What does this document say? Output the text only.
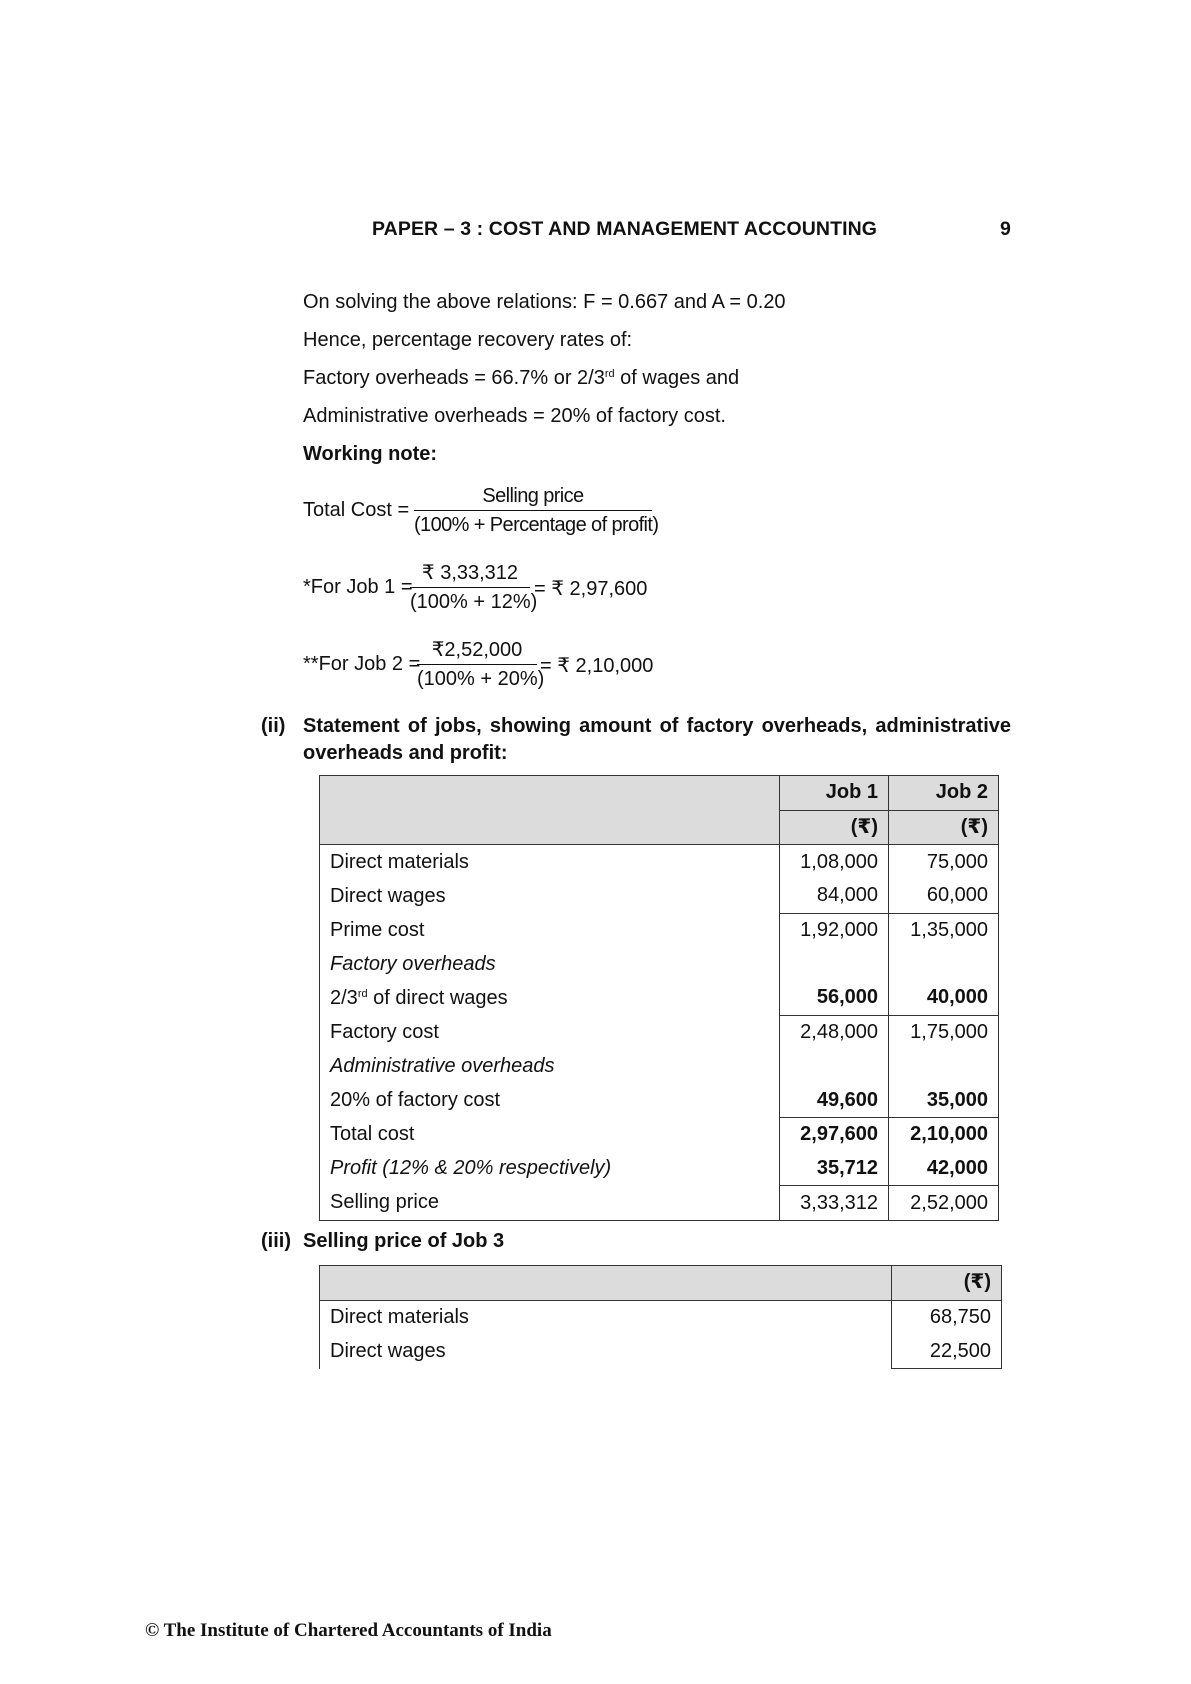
PAPER – 3 : COST AND MANAGEMENT ACCOUNTING	9
On solving the above relations: F = 0.667 and A = 0.20
Hence, percentage recovery rates of:
Factory overheads = 66.7% or 2/3rd of wages and
Administrative overheads = 20% of factory cost.
Working note:
Total Cost =
Selling price
(100% + Percentage of profit)
*For Job 1 =
₹ 3,33,312
(100% + 12%)
= ₹ 2,97,600
**For Job 2 =
₹2,52,000
(100% + 20%)
= ₹ 2,10,000
(ii) Statement of jobs, showing amount of factory overheads, administrative
overheads and profit:
	Job 1	Job 2
	(₹)	(₹)
Direct materials	1,08,000	75,000
Direct wages	84,000	60,000
Prime cost	1,92,000	1,35,000
Factory overheads		
2/3rd of direct wages	56,000	40,000
Factory cost	2,48,000	1,75,000
Administrative overheads		
20% of factory cost	49,600	35,000
Total cost	2,97,600	2,10,000
Profit (12% & 20% respectively)	35,712	42,000
Selling price	3,33,312	2,52,000
(iii) Selling price of Job 3
	(₹)
Direct materials	68,750
Direct wages	22,500
© The Institute of Chartered Accountants of India
